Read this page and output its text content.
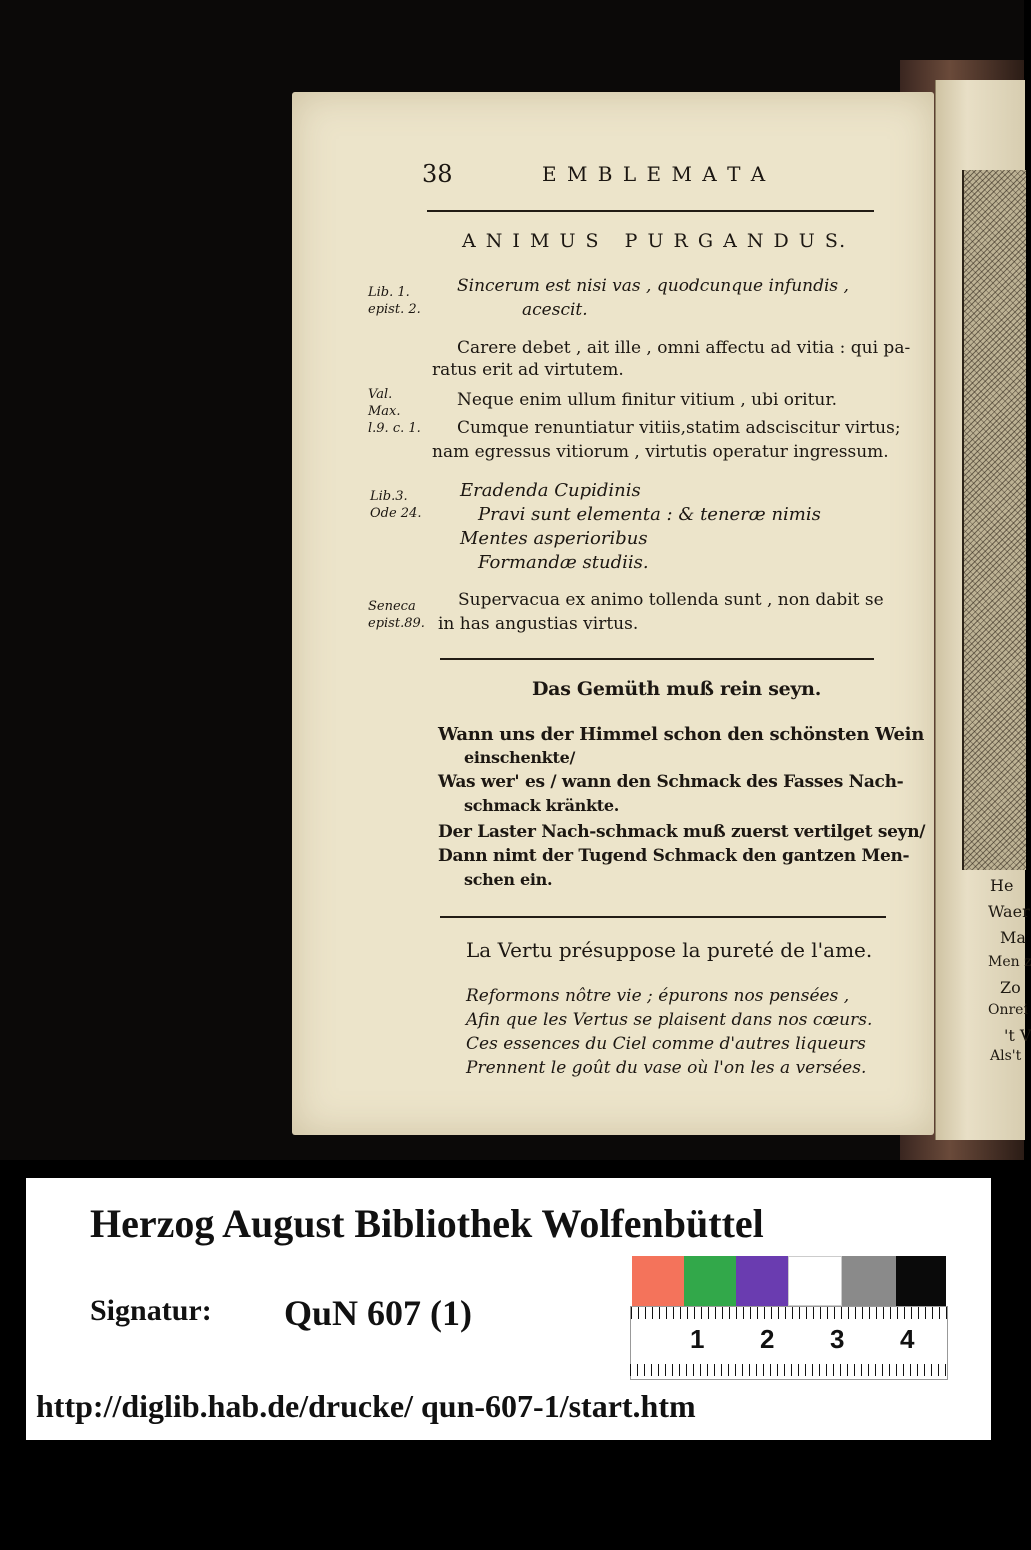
He
Waer
Ma
Men z
Zo
Onrei
't V
Als't
38	E M B L E M A T A
A N I M U S   P U R G A N D U S.
Lib. 1.
epist. 2.
Val.
Max.
l.9. c. 1.
Lib.3.
Ode 24.
Seneca
epist.89.
Sincerum est nisi vas , quodcunque infundis ,
acescit.
Carere debet , ait ille , omni affectu ad vitia : qui pa-
ratus erit ad virtutem.
Neque enim ullum finitur vitium , ubi oritur.
Cumque renuntiatur vitiis,statim adsciscitur virtus;
nam egressus vitiorum , virtutis operatur ingressum.
Eradenda Cupidinis
Pravi sunt elementa : & teneræ nimis
Mentes asperioribus
Formandæ studiis.
Supervacua ex animo tollenda sunt , non dabit se
in has angustias virtus.
Das Gemüth muß rein seyn.
Wann uns der Himmel schon den schönsten Wein
einschenkte/
Was wer' es / wann den Schmack des Fasses Nach-
schmack kränkte.
Der Laster Nach-schmack muß zuerst vertilget seyn/
Dann nimt der Tugend Schmack den gantzen Men-
schen ein.
La Vertu présuppose la pureté de l'ame.
Reformons nôtre vie ; épurons nos pensées ,
Afin que les Vertus se plaisent dans nos cœurs.
Ces essences du Ciel comme d'autres liqueurs
Prennent le goût du vase où l'on les a versées.
Herzog August Bibliothek Wolfenbüttel
Signatur: QuN 607 (1)
http://diglib.hab.de/drucke/ qun-607-1/start.htm
1 2 3 4
